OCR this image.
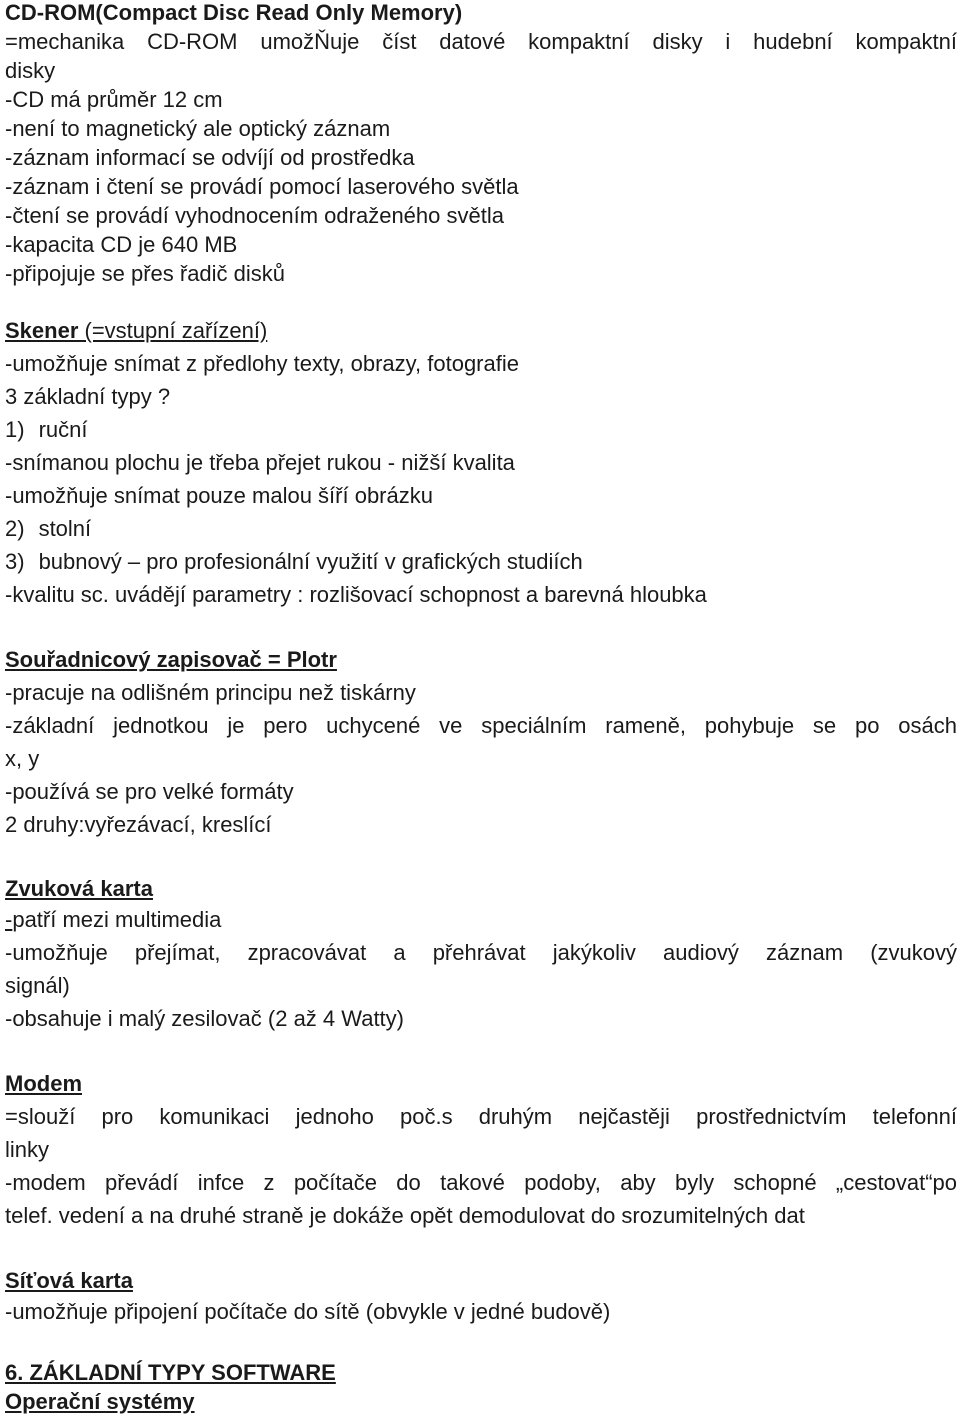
CD-ROM(Compact Disc Read Only Memory)
=mechanika CD-ROM umožŇuje číst datové kompaktní disky i hudební kompaktní
disky
-CD má průměr 12 cm
-není to magnetický ale optický záznam
-záznam informací se odvíjí od prostředka
-záznam i čtení se provádí pomocí laserového světla
-čtení se provádí vyhodnocením odraženého světla
-kapacita CD je 640 MB
-připojuje se přes řadič disků
Skener (=vstupní zařízení)
-umožňuje snímat z předlohy texty, obrazy, fotografie
3 základní typy ?
1) ruční
-snímanou plochu je třeba přejet rukou - nižší kvalita
-umožňuje snímat pouze malou šíří obrázku
2) stolní
3) bubnový – pro profesionální využití v grafických studiích
-kvalitu sc. uvádějí parametry : rozlišovací schopnost a barevná hloubka
Souřadnicový zapisovač = Plotr
-pracuje na odlišném principu než tiskárny
-základní jednotkou je pero uchycené ve speciálním rameně, pohybuje se po osách
x, y
-používá se pro velké formáty
2 druhy:vyřezávací, kreslící
Zvuková karta
-patří mezi multimedia
-umožňuje přejímat, zpracovávat a přehrávat jakýkoliv audiový záznam (zvukový
signál)
-obsahuje i malý zesilovač (2 až 4 Watty)
Modem
=slouží pro komunikaci jednoho poč.s druhým nejčastěji prostřednictvím telefonní
linky
-modem převádí infce z počítače do takové podoby, aby byly schopné „cestovat“po
telef. vedení a na druhé straně je dokáže opět demodulovat do srozumitelných dat
Síťová karta
-umožňuje připojení počítače do sítě (obvykle v jedné budově)
6. ZÁKLADNÍ TYPY SOFTWARE
Operační systémy
